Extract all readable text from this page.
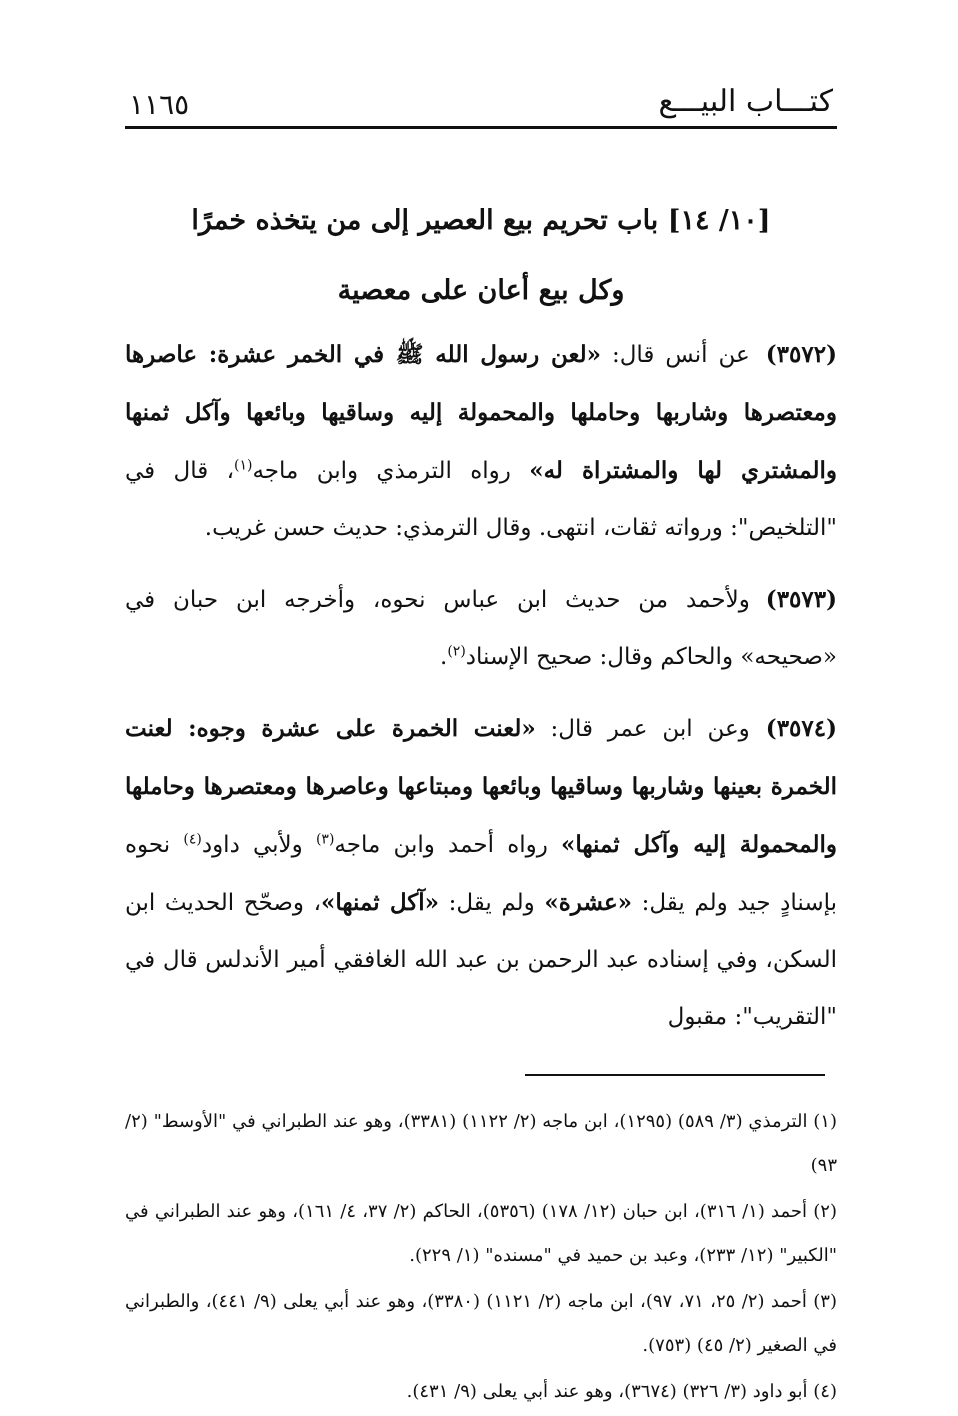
كتـــاب البيـــع
١١٦٥
[١٠/ ١٤] باب تحريم بيع العصير إلى من يتخذه خمرًا
وكل بيع أعان على معصية

(٣٥٧٢)عن أنس قال: «لعن رسول الله ﷺ في الخمر عشرة: عاصرها ومعتصرها وشاربها وحاملها والمحمولة إليه وساقيها وبائعها وآكل ثمنها والمشتري لها والمشتراة له» رواه الترمذي وابن ماجه$^{(١)}$، قال في "التلخيص": ورواته ثقات، انتهى. وقال الترمذي: حديث حسن غريب.

(٣٥٧٣)ولأحمد من حديث ابن عباس نحوه، وأخرجه ابن حبان في «صحيحه» والحاكم وقال: صحيح الإسناد$^{(٢)}$.

(٣٥٧٤)وعن ابن عمر قال: «لعنت الخمرة على عشرة وجوه: لعنت الخمرة بعينها وشاربها وساقيها وبائعها ومبتاعها وعاصرها ومعتصرها وحاملها والمحمولة إليه وآكل ثمنها» رواه أحمد وابن ماجه$^{(٣)}$ ولأبي داود$^{(٤)}$ نحوه بإسنادٍ جيد ولم يقل: «عشرة» ولم يقل: «آكل ثمنها»، وصحّح الحديث ابن السكن، وفي إسناده عبد الرحمن بن عبد الله الغافقي أمير الأندلس قال في "التقريب": مقبول

(١) الترمذي (٣/ ٥٨٩) (١٢٩٥)، ابن ماجه (٢/ ١١٢٢) (٣٣٨١)، وهو عند الطبراني في "الأوسط" (٢/ ٩٣)

(٢) أحمد (١/ ٣١٦)، ابن حبان (١٢/ ١٧٨) (٥٣٥٦)، الحاكم (٢/ ٣٧، ٤/ ١٦١)، وهو عند الطبراني في "الكبير" (١٢/ ٢٣٣)، وعبد بن حميد في "مسنده" (١/ ٢٢٩).

(٣) أحمد (٢/ ٢٥، ٧١، ٩٧)، ابن ماجه (٢/ ١١٢١) (٣٣٨٠)، وهو عند أبي يعلى (٩/ ٤٤١)، والطبراني في الصغير (٢/ ٤٥) (٧٥٣).

(٤) أبو داود (٣/ ٣٢٦) (٣٦٧٤)، وهو عند أبي يعلى (٩/ ٤٣١).
